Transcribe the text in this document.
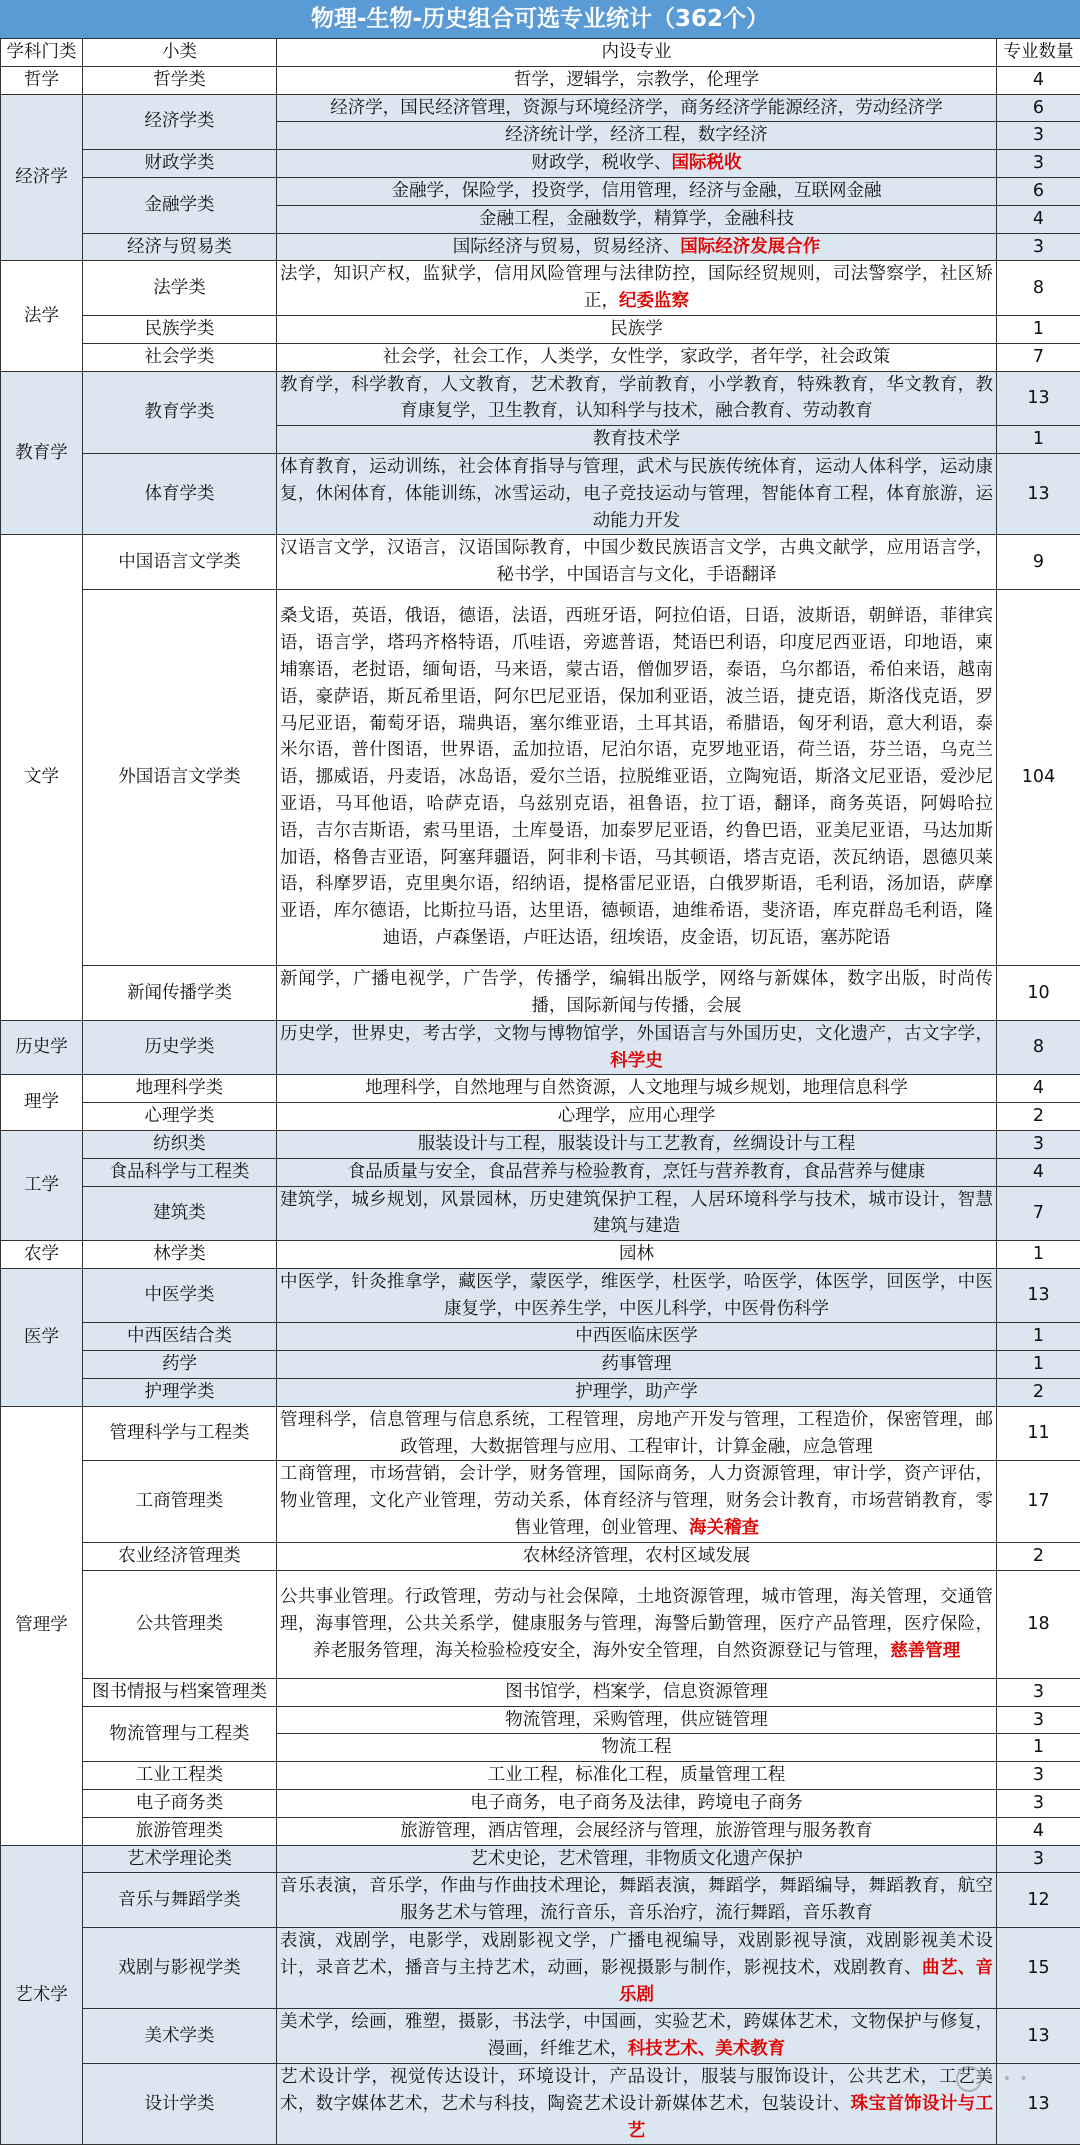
物理-生物-历史组合可选专业统计（362个）
学科门类	小类	内设专业	专业数量
哲学	哲学类	哲学，逻辑学，宗教学，伦理学	4
经济学	经济学类	经济学，国民经济管理，资源与环境经济学，商务经济学能源经济，劳动经济学	6
		经济统计学，经济工程，数字经济	3
	财政学类	财政学，税收学、国际税收	3
	金融学类	金融学，保险学，投资学，信用管理，经济与金融，互联网金融	6
		金融工程，金融数学，精算学，金融科技	4
	经济与贸易类	国际经济与贸易，贸易经济、国际经济发展合作	3
法学	法学类	法学，知识产权，监狱学，信用风险管理与法律防控，国际经贸规则，司法警察学，社区矫正，纪委监察	8
	民族学类	民族学	1
	社会学类	社会学，社会工作，人类学，女性学，家政学，者年学，社会政策	7
教育学	教育学类	教育学，科学教育，人文教育，艺术教育，学前教育，小学教育，特殊教育，华文教育，教育康复学，卫生教育，认知科学与技术，融合教育、劳动教育	13
		教育技术学	1
	体育学类	体育教育，运动训练，社会体育指导与管理，武术与民族传统体育，运动人体科学，运动康复，休闲体育，体能训练，冰雪运动，电子竞技运动与管理，智能体育工程，体育旅游，运动能力开发	13
文学	中国语言文学类	汉语言文学，汉语言，汉语国际教育，中国少数民族语言文学，古典文献学，应用语言学，秘书学，中国语言与文化，手语翻译	9
	外国语言文学类	桑戈语，英语，俄语，德语，法语，西班牙语，阿拉伯语，日语，波斯语，朝鲜语，菲律宾语，语言学，塔玛齐格特语，爪哇语，旁遮普语，梵语巴利语，印度尼西亚语，印地语，柬埔寨语，老挝语，缅甸语，马来语，蒙古语，僧伽罗语，泰语，乌尔都语，希伯来语，越南语，豪萨语，斯瓦希里语，阿尔巴尼亚语，保加利亚语，波兰语，捷克语，斯洛伐克语，罗马尼亚语，葡萄牙语，瑞典语，塞尔维亚语，土耳其语，希腊语，匈牙利语，意大利语，泰米尔语，普什图语，世界语，孟加拉语，尼泊尔语，克罗地亚语，荷兰语，芬兰语，乌克兰语，挪威语，丹麦语，冰岛语，爱尔兰语，拉脱维亚语，立陶宛语，斯洛文尼亚语，爱沙尼亚语，马耳他语，哈萨克语，乌兹别克语，祖鲁语，拉丁语，翻译，商务英语，阿姆哈拉语，吉尔吉斯语，索马里语，土库曼语，加泰罗尼亚语，约鲁巴语，亚美尼亚语，马达加斯加语，格鲁吉亚语，阿塞拜疆语，阿非利卡语，马其顿语，塔吉克语，茨瓦纳语，恩德贝莱语，科摩罗语，克里奥尔语，绍纳语，提格雷尼亚语，白俄罗斯语，毛利语，汤加语，萨摩亚语，库尔德语，比斯拉马语，达里语，德顿语，迪维希语，斐济语，库克群岛毛利语，隆迪语，卢森堡语，卢旺达语，纽埃语，皮金语，切瓦语，塞苏陀语	104
	新闻传播学类	新闻学，广播电视学，广告学，传播学，编辑出版学，网络与新媒体，数字出版，时尚传播，国际新闻与传播，会展	10
历史学	历史学类	历史学，世界史，考古学，文物与博物馆学，外国语言与外国历史，文化遗产，古文字学，科学史	8
理学	地理科学类	地理科学，自然地理与自然资源，人文地理与城乡规划，地理信息科学	4
	心理学类	心理学，应用心理学	2
工学	纺织类	服装设计与工程，服装设计与工艺教育，丝绸设计与工程	3
	食品科学与工程类	食品质量与安全，食品营养与检验教育，烹饪与营养教育，食品营养与健康	4
	建筑类	建筑学，城乡规划，风景园林，历史建筑保护工程，人居环境科学与技术，城市设计，智慧建筑与建造	7
农学	林学类	园林	1
医学	中医学类	中医学，针灸推拿学，藏医学，蒙医学，维医学，杜医学，哈医学，体医学，回医学，中医康复学，中医养生学，中医儿科学，中医骨伤科学	13
	中西医结合类	中西医临床医学	1
	药学	药事管理	1
	护理学类	护理学，助产学	2
管理学	管理科学与工程类	管理科学，信息管理与信息系统，工程管理，房地产开发与管理，工程造价，保密管理，邮政管理，大数据管理与应用、工程审计，计算金融，应急管理	11
	工商管理类	工商管理，市场营销，会计学，财务管理，国际商务，人力资源管理，审计学，资产评估，物业管理，文化产业管理，劳动关系，体育经济与管理，财务会计教育，市场营销教育，零售业管理，创业管理、海关稽查	17
	农业经济管理类	农林经济管理，农村区域发展	2
	公共管理类	公共事业管理。行政管理，劳动与社会保障，土地资源管理，城市管理，海关管理，交通管理，海事管理，公共关系学，健康服务与管理，海警后勤管理，医疗产品管理，医疗保险，养老服务管理，海关检验检疫安全，海外安全管理，自然资源登记与管理，慈善管理	18
	图书情报与档案管理类	图书馆学，档案学，信息资源管理	3
	物流管理与工程类	物流管理，采购管理，供应链管理	3
		物流工程	1
	工业工程类	工业工程，标准化工程，质量管理工程	3
	电子商务类	电子商务，电子商务及法律，跨境电子商务	3
	旅游管理类	旅游管理，酒店管理，会展经济与管理，旅游管理与服务教育	4
艺术学	艺术学理论类	艺术史论，艺术管理，非物质文化遗产保护	3
	音乐与舞蹈学类	音乐表演，音乐学，作曲与作曲技术理论，舞蹈表演，舞蹈学，舞蹈编导，舞蹈教育，航空服务艺术与管理，流行音乐，音乐治疗，流行舞蹈，音乐教育	12
	戏剧与影视学类	表演，戏剧学，电影学，戏剧影视文学，广播电视编导，戏剧影视导演，戏剧影视美术设计，录音艺术，播音与主持艺术，动画，影视摄影与制作，影视技术，戏剧教育、曲艺、音乐剧	15
	美术学类	美术学，绘画，雅塑，摄影，书法学，中国画，实验艺术，跨媒体艺术，文物保护与修复，漫画，纤维艺术，科技艺术、美术教育	13
	设计学类	艺术设计学，视觉传达设计，环境设计，产品设计，服装与服饰设计，公共艺术，工艺美术，数字媒体艺术，艺术与科技，陶瓷艺术设计新媒体艺术，包装设计、珠宝首饰设计与工艺	13
• • •
